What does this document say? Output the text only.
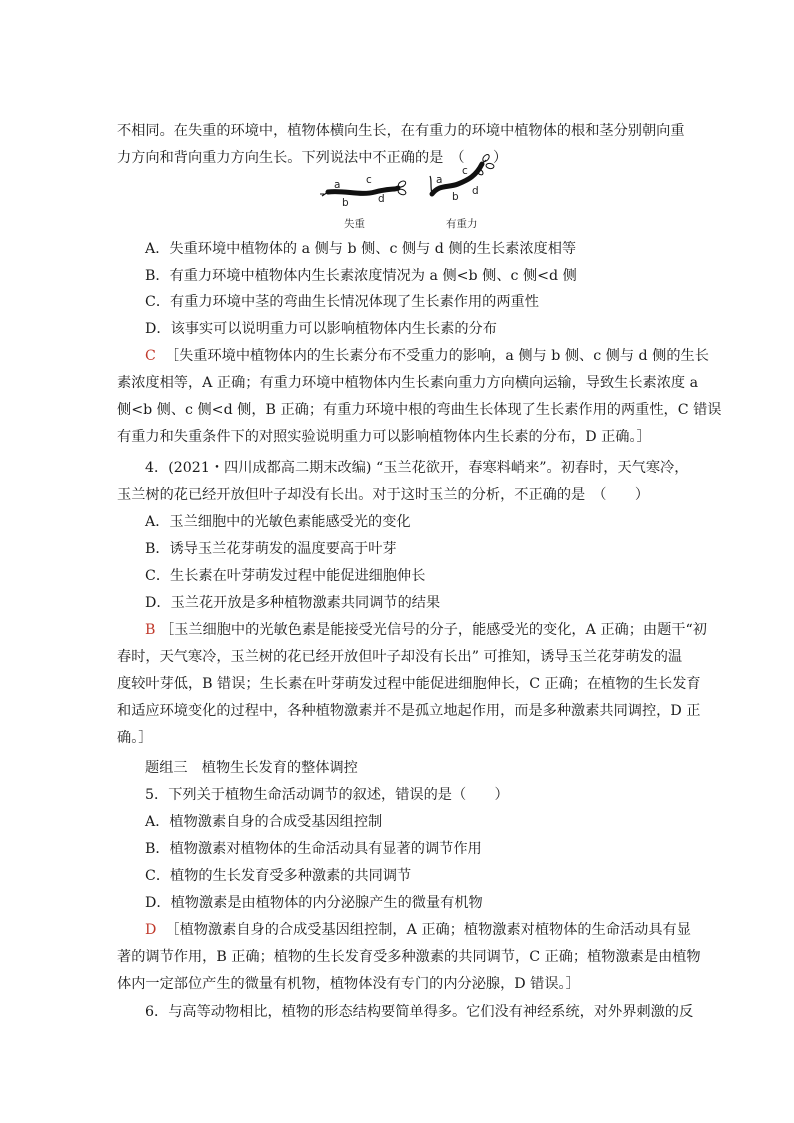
不相同。在失重的环境中，植物体横向生长，在有重力的环境中植物体的根和茎分别朝向重
力方向和背向重力方向生长。下列说法中不正确的是　（　　）
a
b
c
d
a
b
c
d
失重	有重力
A．失重环境中植物体的 a 侧与 b 侧、c 侧与 d 侧的生长素浓度相等
B．有重力环境中植物体内生长素浓度情况为 a 侧<b 侧、c 侧<d 侧
C．有重力环境中茎的弯曲生长情况体现了生长素作用的两重性
D．该事实可以说明重力可以影响植物体内生长素的分布
C ［失重环境中植物体内的生长素分布不受重力的影响，a 侧与 b 侧、c 侧与 d 侧的生长
素浓度相等，A 正确；有重力环境中植物体内生长素向重力方向横向运输，导致生长素浓度 a
侧<b 侧、c 侧<d 侧，B 正确；有重力环境中根的弯曲生长体现了生长素作用的两重性，C 错误
有重力和失重条件下的对照实验说明重力可以影响植物体内生长素的分布，D 正确。］
4．(2021・四川成都高二期末改编) “玉兰花欲开，春寒料峭来”。初春时，天气寒冷，
玉兰树的花已经开放但叶子却没有长出。对于这时玉兰的分析，不正确的是　（　　）
A．玉兰细胞中的光敏色素能感受光的变化
B．诱导玉兰花芽萌发的温度要高于叶芽
C．生长素在叶芽萌发过程中能促进细胞伸长
D．玉兰花开放是多种植物激素共同调节的结果
B ［玉兰细胞中的光敏色素是能接受光信号的分子，能感受光的变化，A 正确；由题干“初
春时，天气寒冷，玉兰树的花已经开放但叶子却没有长出” 可推知，诱导玉兰花芽萌发的温
度较叶芽低，B 错误；生长素在叶芽萌发过程中能促进细胞伸长，C 正确；在植物的生长发育
和适应环境变化的过程中，各种植物激素并不是孤立地起作用，而是多种激素共同调控，D 正
确。］
题组三　植物生长发育的整体调控
5．下列关于植物生命活动调节的叙述，错误的是（　　）
A．植物激素自身的合成受基因组控制
B．植物激素对植物体的生命活动具有显著的调节作用
C．植物的生长发育受多种激素的共同调节
D．植物激素是由植物体的内分泌腺产生的微量有机物
D ［植物激素自身的合成受基因组控制，A 正确；植物激素对植物体的生命活动具有显
著的调节作用，B 正确；植物的生长发育受多种激素的共同调节，C 正确；植物激素是由植物
体内一定部位产生的微量有机物，植物体没有专门的内分泌腺，D 错误。］
6．与高等动物相比，植物的形态结构要简单得多。它们没有神经系统，对外界刺激的反
